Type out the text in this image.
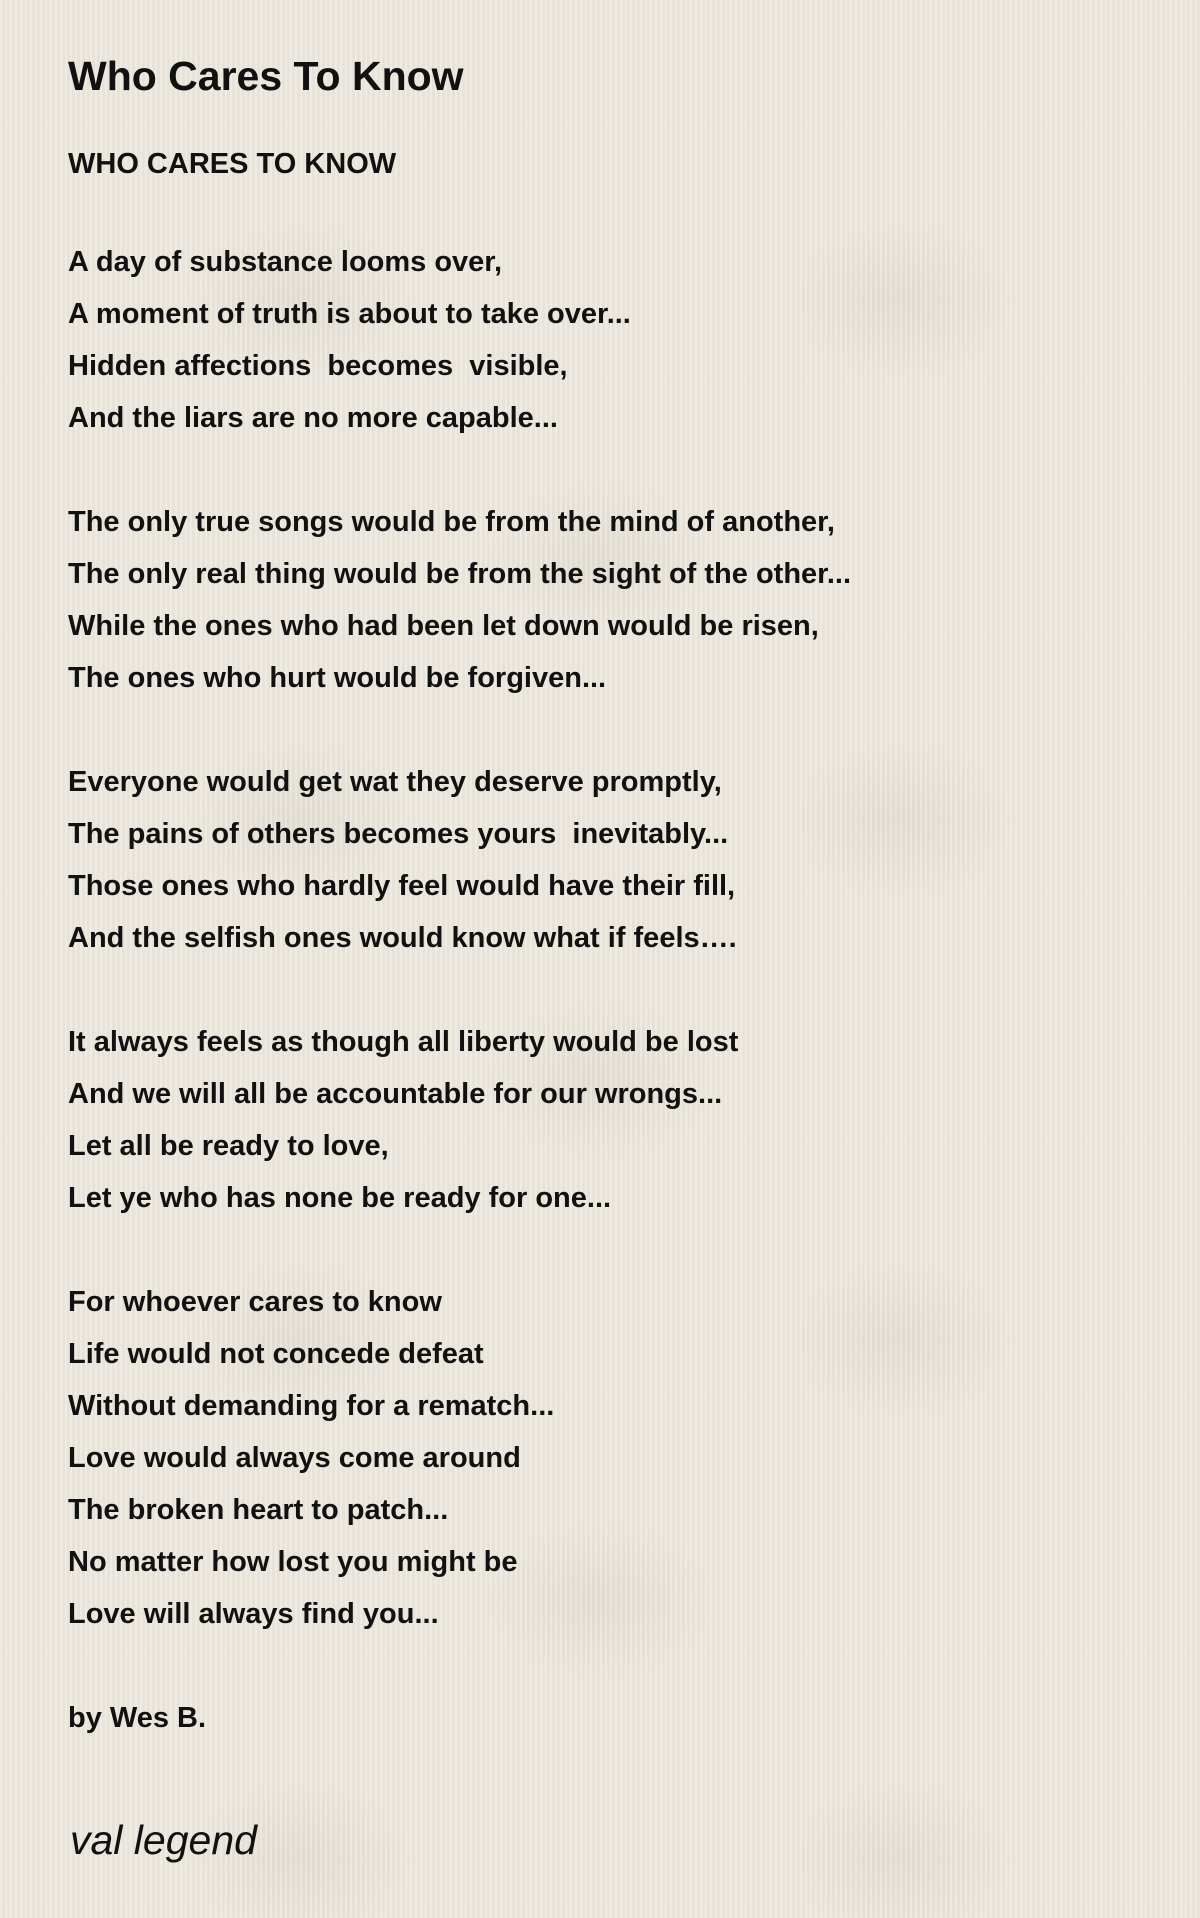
Who Cares To Know
WHO CARES TO KNOW
A day of substance looms over,
A moment of truth is about to take over...
Hidden affections  becomes  visible,
And the liars are no more capable...
The only true songs would be from the mind of another,
The only real thing would be from the sight of the other...
While the ones who had been let down would be risen,
The ones who hurt would be forgiven...
Everyone would get wat they deserve promptly,
The pains of others becomes yours  inevitably...
Those ones who hardly feel would have their fill,
And the selfish ones would know what if feels….
It always feels as though all liberty would be lost
And we will all be accountable for our wrongs...
Let all be ready to love,
Let ye who has none be ready for one...
For whoever cares to know
Life would not concede defeat
Without demanding for a rematch...
Love would always come around
The broken heart to patch...
No matter how lost you might be
Love will always find you...
by Wes B.
val legend
